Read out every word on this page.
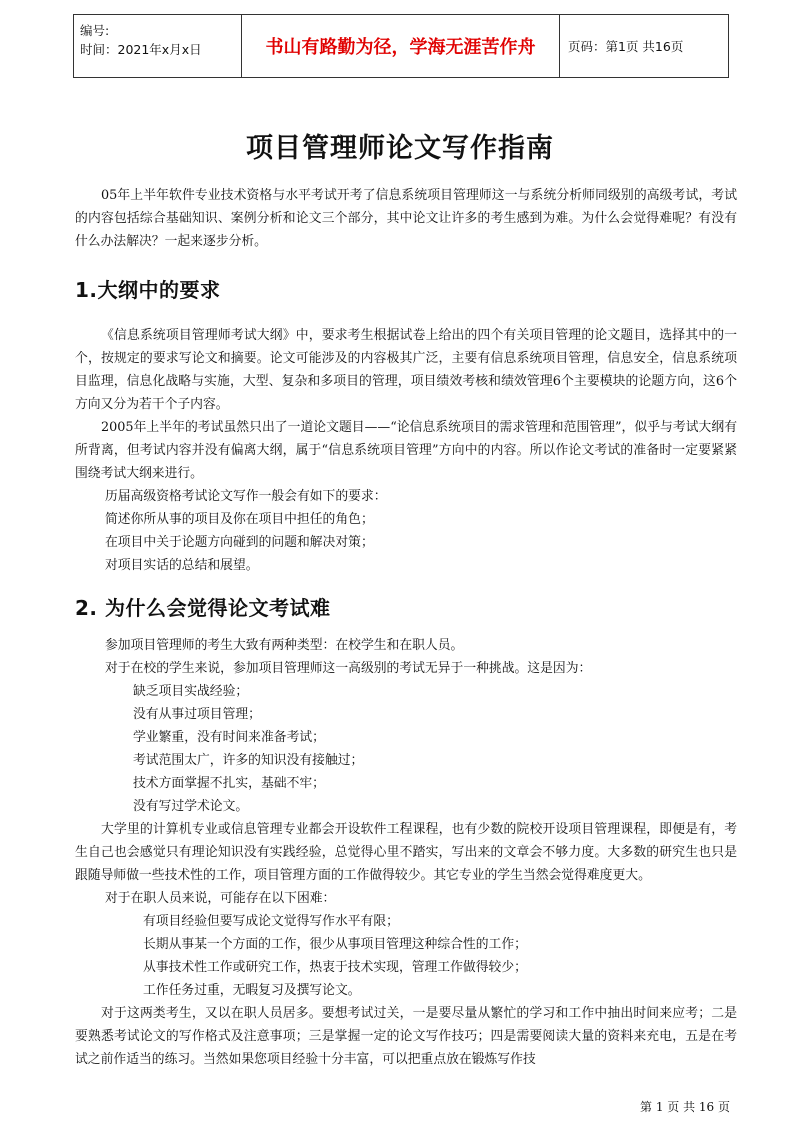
编号:
时间：2021年x月x日	书山有路勤为径，学海无涯苦作舟	页码：第1页 共16页
项目管理师论文写作指南

05年上半年软件专业技术资格与水平考试开考了信息系统项目管理师这一与系统分析师同级别的高级考试，考试的内容包括综合基础知识、案例分析和论文三个部分，其中论文让许多的考生感到为难。为什么会觉得难呢？有没有什么办法解决？一起来逐步分析。

1.大纲中的要求

《信息系统项目管理师考试大纲》中，要求考生根据试卷上给出的四个有关项目管理的论文题目，选择其中的一个，按规定的要求写论文和摘要。论文可能涉及的内容极其广泛，主要有信息系统项目管理，信息安全，信息系统项目监理，信息化战略与实施，大型、复杂和多项目的管理，项目绩效考核和绩效管理6个主要模块的论题方向，这6个方向又分为若干个子内容。

2005年上半年的考试虽然只出了一道论文题目——“论信息系统项目的需求管理和范围管理”，似乎与考试大纲有所背离，但考试内容并没有偏离大纲，属于“信息系统项目管理”方向中的内容。所以作论文考试的准备时一定要紧紧围绕考试大纲来进行。

历届高级资格考试论文写作一般会有如下的要求：

简述你所从事的项目及你在项目中担任的角色；

在项目中关于论题方向碰到的问题和解决对策；

对项目实话的总结和展望。

2. 为什么会觉得论文考试难

参加项目管理师的考生大致有两种类型：在校学生和在职人员。

对于在校的学生来说，参加项目管理师这一高级别的考试无异于一种挑战。这是因为：

缺乏项目实战经验；

没有从事过项目管理；

学业繁重，没有时间来准备考试；

考试范围太广，许多的知识没有接触过；

技术方面掌握不扎实，基础不牢；

没有写过学术论文。

大学里的计算机专业或信息管理专业都会开设软件工程课程，也有少数的院校开设项目管理课程，即便是有，考生自己也会感觉只有理论知识没有实践经验，总觉得心里不踏实，写出来的文章会不够力度。大多数的研究生也只是跟随导师做一些技术性的工作，项目管理方面的工作做得较少。其它专业的学生当然会觉得难度更大。

对于在职人员来说，可能存在以下困难：

有项目经验但要写成论文觉得写作水平有限；

长期从事某一个方面的工作，很少从事项目管理这种综合性的工作；

从事技术性工作或研究工作，热衷于技术实现，管理工作做得较少；

工作任务过重，无暇复习及撰写论文。

对于这两类考生，又以在职人员居多。要想考试过关，一是要尽量从繁忙的学习和工作中抽出时间来应考；二是要熟悉考试论文的写作格式及注意事项；三是掌握一定的论文写作技巧；四是需要阅读大量的资料来充电，五是在考试之前作适当的练习。当然如果您项目经验十分丰富，可以把重点放在锻炼写作技

第 1 页 共 16 页
